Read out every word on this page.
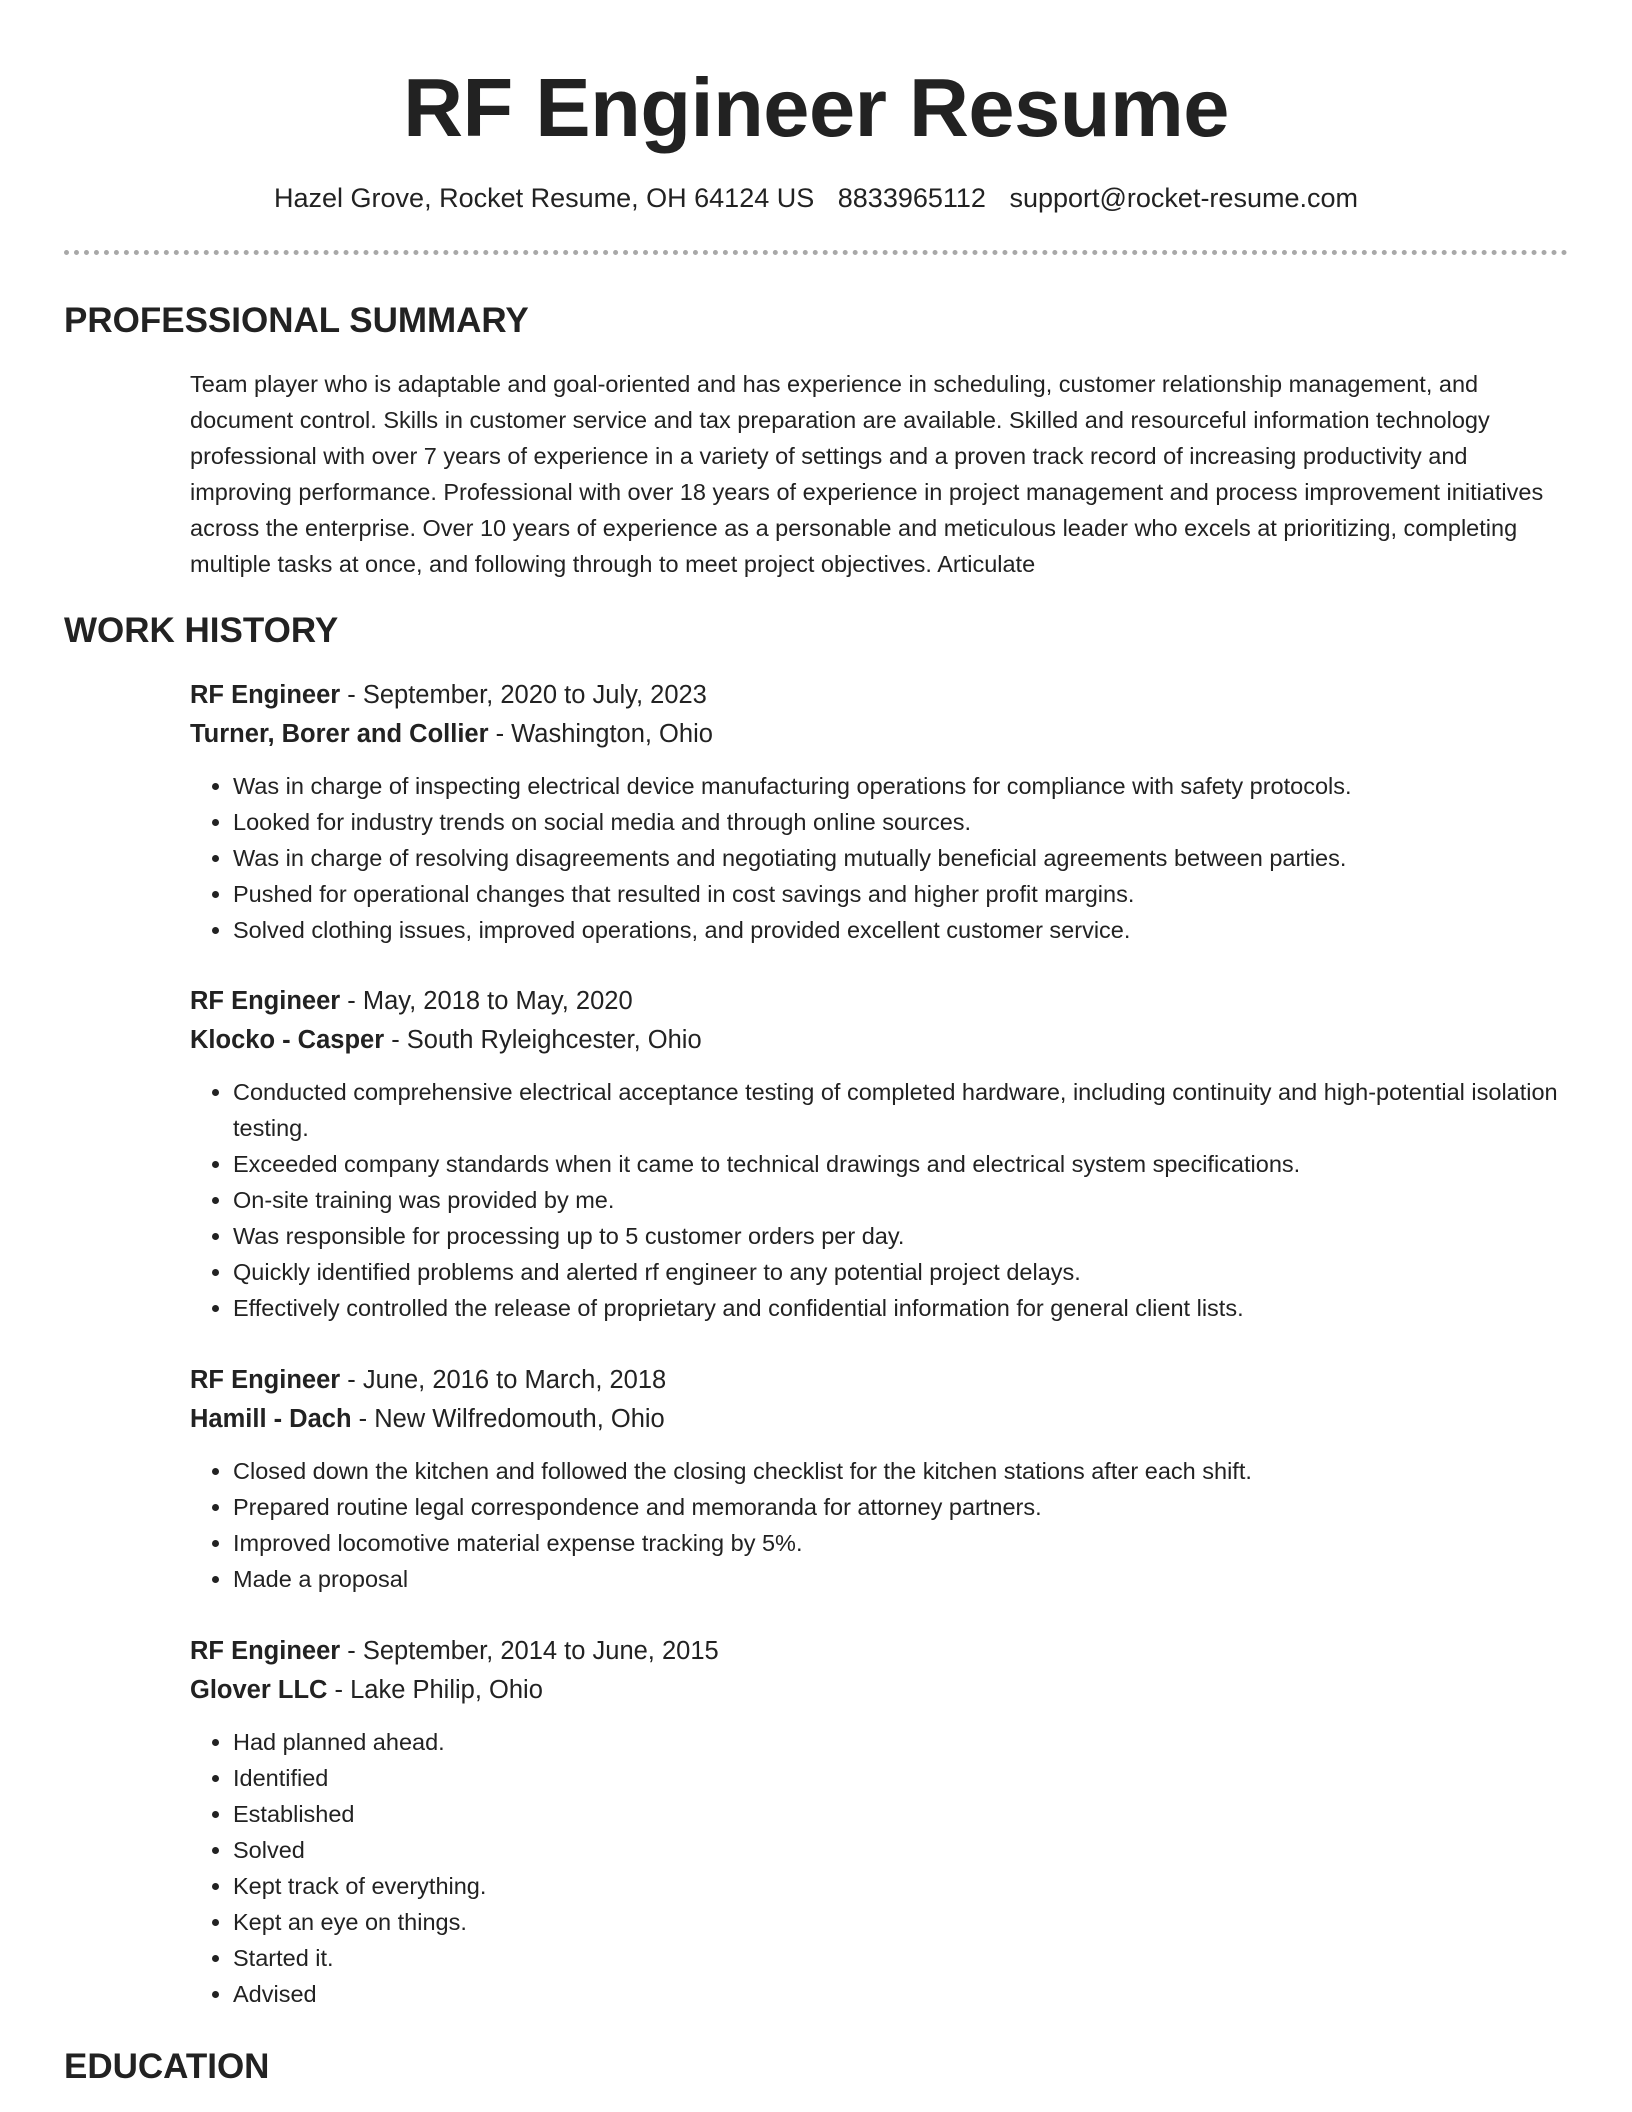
RF Engineer Resume
Hazel Grove, Rocket Resume, OH 64124 US 8833965112 support@rocket-resume.com
PROFESSIONAL SUMMARY

Team player who is adaptable and goal-oriented and has experience in scheduling, customer relationship management, and document control. Skills in customer service and tax preparation are available. Skilled and resourceful information technology professional with over 7 years of experience in a variety of settings and a proven track record of increasing productivity and improving performance. Professional with over 18 years of experience in project management and process improvement initiatives across the enterprise. Over 10 years of experience as a personable and meticulous leader who excels at prioritizing, completing multiple tasks at once, and following through to meet project objectives. Articulate

WORK HISTORY

RF Engineer - September, 2020 to July, 2023

Turner, Borer and Collier - Washington, Ohio

• Was in charge of inspecting electrical device manufacturing operations for compliance with safety protocols.
• Looked for industry trends on social media and through online sources.
• Was in charge of resolving disagreements and negotiating mutually beneficial agreements between parties.
• Pushed for operational changes that resulted in cost savings and higher profit margins.
• Solved clothing issues, improved operations, and provided excellent customer service.

RF Engineer - May, 2018 to May, 2020

Klocko - Casper - South Ryleighcester, Ohio

• Conducted comprehensive electrical acceptance testing of completed hardware, including continuity and high-potential isolation testing.
• Exceeded company standards when it came to technical drawings and electrical system specifications.
• On-site training was provided by me.
• Was responsible for processing up to 5 customer orders per day.
• Quickly identified problems and alerted rf engineer to any potential project delays.
• Effectively controlled the release of proprietary and confidential information for general client lists.

RF Engineer - June, 2016 to March, 2018

Hamill - Dach - New Wilfredomouth, Ohio

• Closed down the kitchen and followed the closing checklist for the kitchen stations after each shift.
• Prepared routine legal correspondence and memoranda for attorney partners.
• Improved locomotive material expense tracking by 5%.
• Made a proposal

RF Engineer - September, 2014 to June, 2015

Glover LLC - Lake Philip, Ohio

• Had planned ahead.
• Identified
• Established
• Solved
• Kept track of everything.
• Kept an eye on things.
• Started it.
• Advised
EDUCATION
